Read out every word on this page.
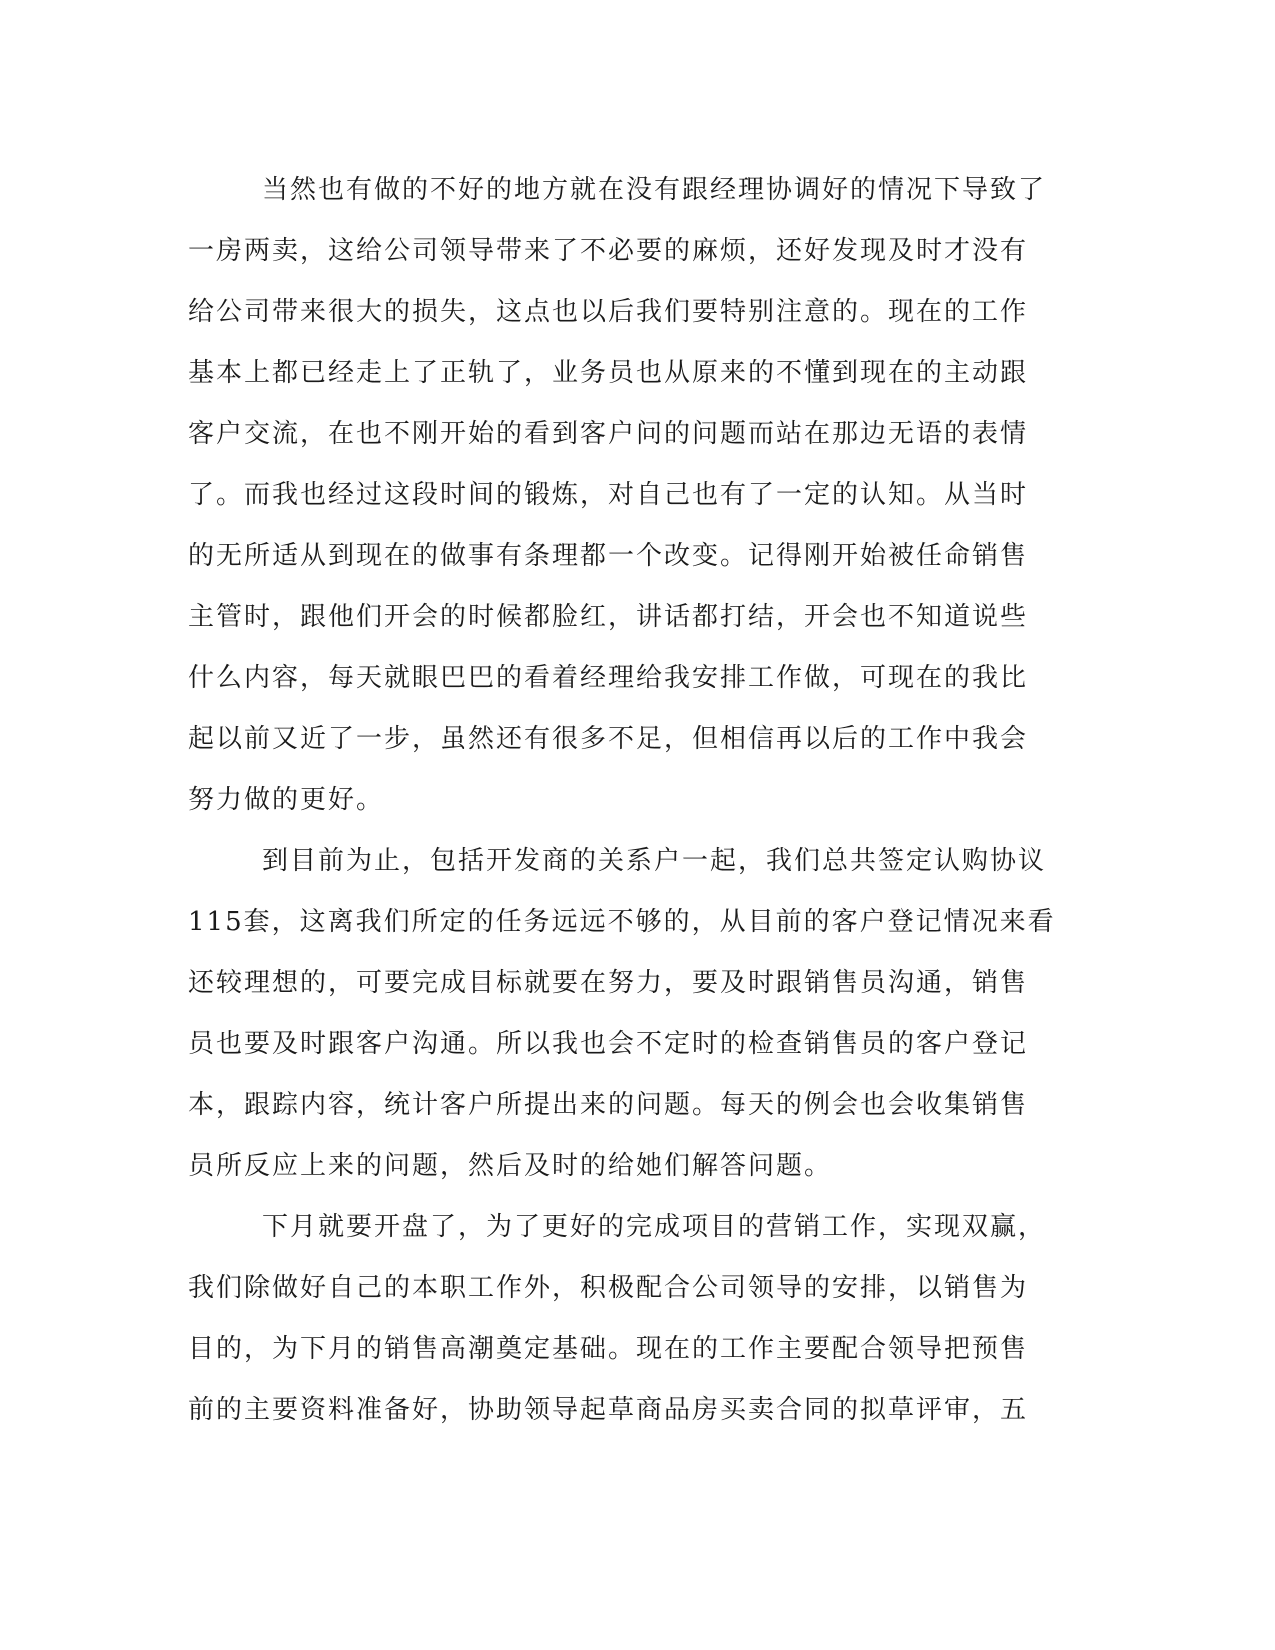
当然也有做的不好的地方就在没有跟经理协调好的情况下导致了
一房两卖，这给公司领导带来了不必要的麻烦，还好发现及时才没有
给公司带来很大的损失，这点也以后我们要特别注意的。现在的工作
基本上都已经走上了正轨了，业务员也从原来的不懂到现在的主动跟
客户交流，在也不刚开始的看到客户问的问题而站在那边无语的表情
了。而我也经过这段时间的锻炼，对自己也有了一定的认知。从当时
的无所适从到现在的做事有条理都一个改变。记得刚开始被任命销售
主管时，跟他们开会的时候都脸红，讲话都打结，开会也不知道说些
什么内容，每天就眼巴巴的看着经理给我安排工作做，可现在的我比
起以前又近了一步，虽然还有很多不足，但相信再以后的工作中我会
努力做的更好。
到目前为止，包括开发商的关系户一起，我们总共签定认购协议
115套，这离我们所定的任务远远不够的，从目前的客户登记情况来看
还较理想的，可要完成目标就要在努力，要及时跟销售员沟通，销售
员也要及时跟客户沟通。所以我也会不定时的检查销售员的客户登记
本，跟踪内容，统计客户所提出来的问题。每天的例会也会收集销售
员所反应上来的问题，然后及时的给她们解答问题。
下月就要开盘了，为了更好的完成项目的营销工作，实现双赢，
我们除做好自己的本职工作外，积极配合公司领导的安排，以销售为
目的，为下月的销售高潮奠定基础。现在的工作主要配合领导把预售
前的主要资料准备好，协助领导起草商品房买卖合同的拟草评审，五
